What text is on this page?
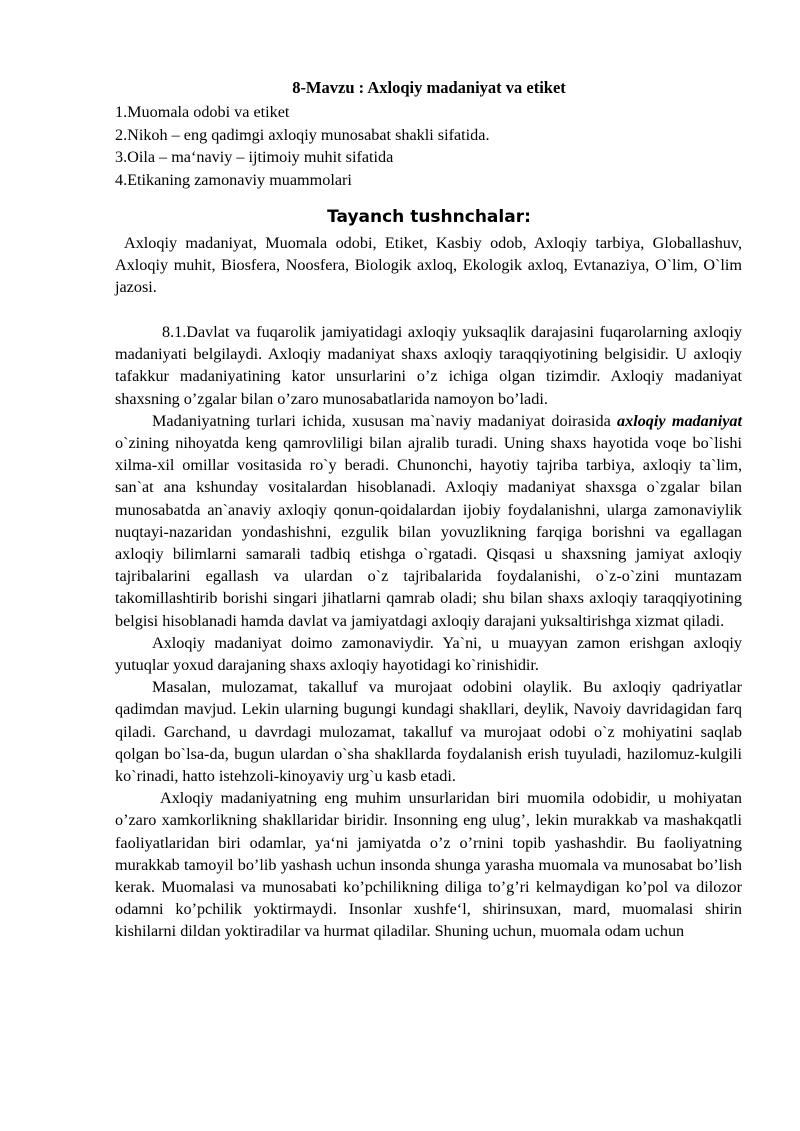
8-Mavzu : Axloqiy madaniyat va etiket
1.Muomala odobi va etiket
2.Nikoh – eng qadimgi axloqiy munosabat shakli sifatida.
3.Oila – ma‘naviy – ijtimoiy muhit sifatida
4.Etikaning zamonaviy muammolari
Tayanch tushnchalar:
Axloqiy madaniyat, Muomala odobi, Etiket, Kasbiy odob, Axloqiy tarbiya, Globallashuv, Axloqiy muhit, Biosfera, Noosfera, Biologik axloq, Ekologik axloq, Evtanaziya, O`lim, O`lim jazosi.

8.1.Davlat va fuqarolik jamiyatidagi axloqiy yuksaqlik darajasini fuqarolarning axloqiy madaniyati belgilaydi. Axloqiy madaniyat shaxs axloqiy taraqqiyotining belgisidir. U axloqiy tafakkur madaniyatining kator unsurlarini o’z ichiga olgan tizimdir. Axloqiy madaniyat shaxsning o’zgalar bilan o’zaro munosabatlarida namoyon bo’ladi.

Madaniyatning turlari ichida, xususan ma`naviy madaniyat doirasida axloqiy madaniyat o`zining nihoyatda keng qamrovliligi bilan ajralib turadi. Uning shaxs hayotida voqe bo`lishi xilma-xil omillar vositasida ro`y beradi. Chunonchi, hayotiy tajriba tarbiya, axloqiy ta`lim, san`at ana kshunday vositalardan hisoblanadi. Axloqiy madaniyat shaxsga o`zgalar bilan munosabatda an`anaviy axloqiy qonun-qoidalardan ijobiy foydalanishni, ularga zamonaviylik nuqtayi-nazaridan yondashishni, ezgulik bilan yovuzlikning farqiga borishni va egallagan axloqiy bilimlarni samarali tadbiq etishga o`rgatadi. Qisqasi u shaxsning jamiyat axloqiy tajribalarini egallash va ulardan o`z tajribalarida foydalanishi, o`z-o`zini muntazam takomillashtirib borishi singari jihatlarni qamrab oladi; shu bilan shaxs axloqiy taraqqiyotining belgisi hisoblanadi hamda davlat va jamiyatdagi axloqiy darajani yuksaltirishga xizmat qiladi.

Axloqiy madaniyat doimo zamonaviydir. Ya`ni, u muayyan zamon erishgan axloqiy yutuqlar yoxud darajaning shaxs axloqiy hayotidagi ko`rinishidir.

Masalan, mulozamat, takalluf va murojaat odobini olaylik. Bu axloqiy qadriyatlar qadimdan mavjud. Lekin ularning bugungi kundagi shakllari, deylik, Navoiy davridagidan farq qiladi. Garchand, u davrdagi mulozamat, takalluf va murojaat odobi o`z mohiyatini saqlab qolgan bo`lsa-da, bugun ulardan o`sha shakllarda foydalanish erish tuyuladi, hazilomuz-kulgili ko`rinadi, hatto istehzoli-kinoyaviy urg`u kasb etadi.

Axloqiy madaniyatning eng muhim unsurlaridan biri muomila odobidir, u mohiyatan o’zaro xamkorlikning shakllaridar biridir. Insonning eng ulug’, lekin murakkab va mashakqatli faoliyatlaridan biri odamlar, ya‘ni jamiyatda o’z o’rnini topib yashashdir. Bu faoliyatning murakkab tamoyil bo’lib yashash uchun insonda shunga yarasha muomala va munosabat bo’lish kerak. Muomalasi va munosabati ko’pchilikning diliga to’g’ri kelmaydigan ko’pol va dilozor odamni ko’pchilik yoktirmaydi. Insonlar xushfe‘l, shirinsuxan, mard, muomalasi shirin kishilarni dildan yoktiradilar va hurmat qiladilar. Shuning uchun, muomala odam uchun
